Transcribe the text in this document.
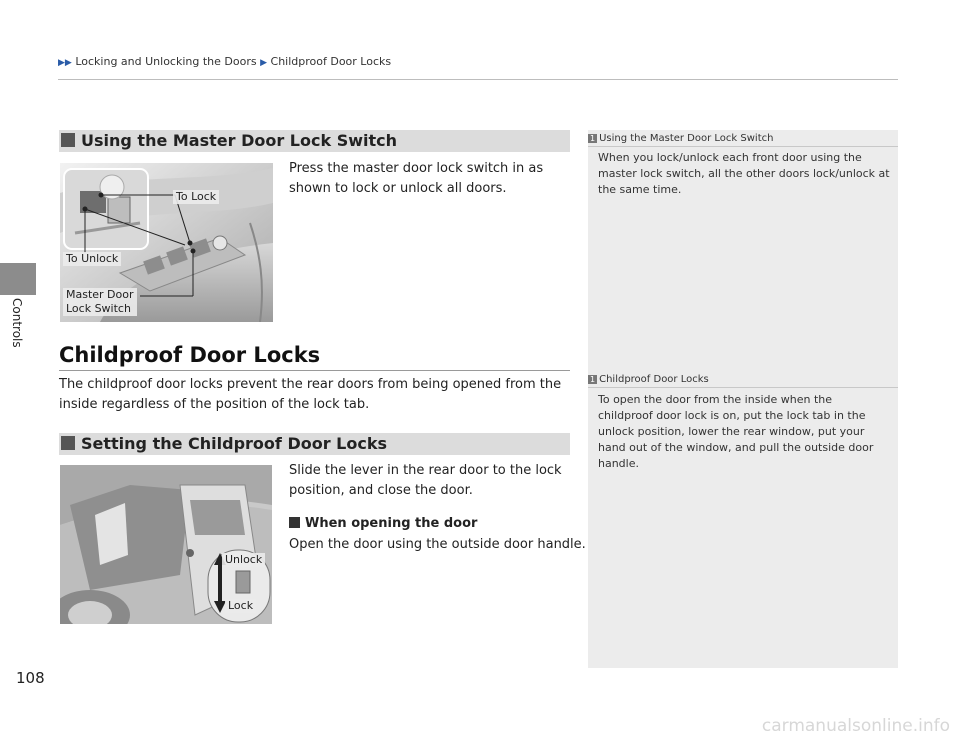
▶▶ Locking and Unlocking the Doors ▶ Childproof Door Locks
Controls
108
Using the Master Door Lock Switch
To Lock
To Unlock
Master Door
Lock Switch
Press the master door lock switch in as shown to lock or unlock all doors.
Childproof Door Locks
The childproof door locks prevent the rear doors from being opened from the inside regardless of the position of the lock tab.
Setting the Childproof Door Locks
Unlock
Lock
Slide the lever in the rear door to the lock position, and close the door.
When opening the door
Open the door using the outside door handle.
1 Using the Master Door Lock Switch
When you lock/unlock each front door using the master lock switch, all the other doors lock/unlock at the same time.
1 Childproof Door Locks
To open the door from the inside when the childproof door lock is on, put the lock tab in the unlock position, lower the rear window, put your hand out of the window, and pull the outside door handle.
carmanualsonline.info
